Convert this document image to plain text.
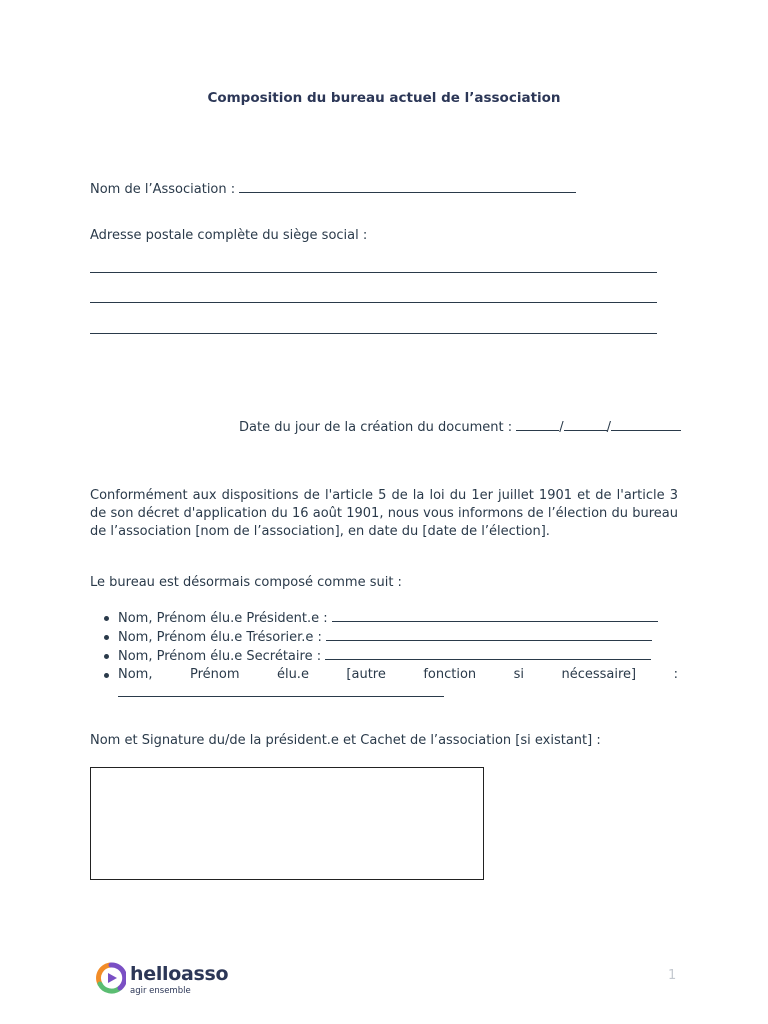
Composition du bureau actuel de l’association
Nom de l’Association :
Adresse postale complète du siège social :
Date du jour de la création du document :	/	/
Conformément aux dispositions de l'article 5 de la loi du 1er juillet 1901 et de l'article 3 de son décret d'application du 16 août 1901, nous vous informons de l’élection du bureau de l’association [nom de l’association], en date du [date de l’élection].
Le bureau est désormais composé comme suit :
Nom, Prénom élu.e Président.e :
Nom, Prénom élu.e Trésorier.e :
Nom, Prénom élu.e Secrétaire :
Nom, Prénom élu.e [autre fonction si nécessaire] :

Nom et Signature du/de la président.e et Cachet de l’association [si existant] :
helloasso
agir ensemble
1
